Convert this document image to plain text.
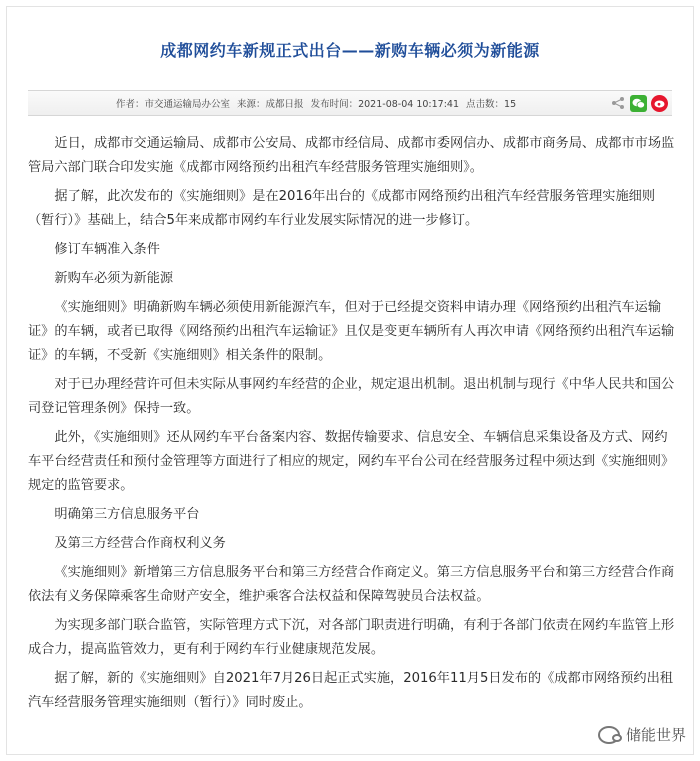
成都网约车新规正式出台——新购车辆必须为新能源
作者：市交通运输局办公室 来源：成都日报 发布时间：2021-08-04 10:17:41 点击数：15

近日，成都市交通运输局、成都市公安局、成都市经信局、成都市委网信办、成都市商务局、成都市市场监管局六部门联合印发实施《成都市网络预约出租汽车经营服务管理实施细则》。

据了解，此次发布的《实施细则》是在2016年出台的《成都市网络预约出租汽车经营服务管理实施细则（暂行）》基础上，结合5年来成都市网约车行业发展实际情况的进一步修订。

修订车辆准入条件

新购车必须为新能源

《实施细则》明确新购车辆必须使用新能源汽车，但对于已经提交资料申请办理《网络预约出租汽车运输证》的车辆，或者已取得《网络预约出租汽车运输证》且仅是变更车辆所有人再次申请《网络预约出租汽车运输证》的车辆，不受新《实施细则》相关条件的限制。

对于已办理经营许可但未实际从事网约车经营的企业，规定退出机制。退出机制与现行《中华人民共和国公司登记管理条例》保持一致。

此外，《实施细则》还从网约车平台备案内容、数据传输要求、信息安全、车辆信息采集设备及方式、网约车平台经营责任和预付金管理等方面进行了相应的规定，网约车平台公司在经营服务过程中须达到《实施细则》规定的监管要求。

明确第三方信息服务平台

及第三方经营合作商权利义务

《实施细则》新增第三方信息服务平台和第三方经营合作商定义。第三方信息服务平台和第三方经营合作商依法有义务保障乘客生命财产安全，维护乘客合法权益和保障驾驶员合法权益。

为实现多部门联合监管，实际管理方式下沉，对各部门职责进行明确，有利于各部门依责在网约车监管上形成合力，提高监管效力，更有利于网约车行业健康规范发展。

据了解，新的《实施细则》自2021年7月26日起正式实施，2016年11月5日发布的《成都市网络预约出租汽车经营服务管理实施细则（暂行）》同时废止。

储能世界
